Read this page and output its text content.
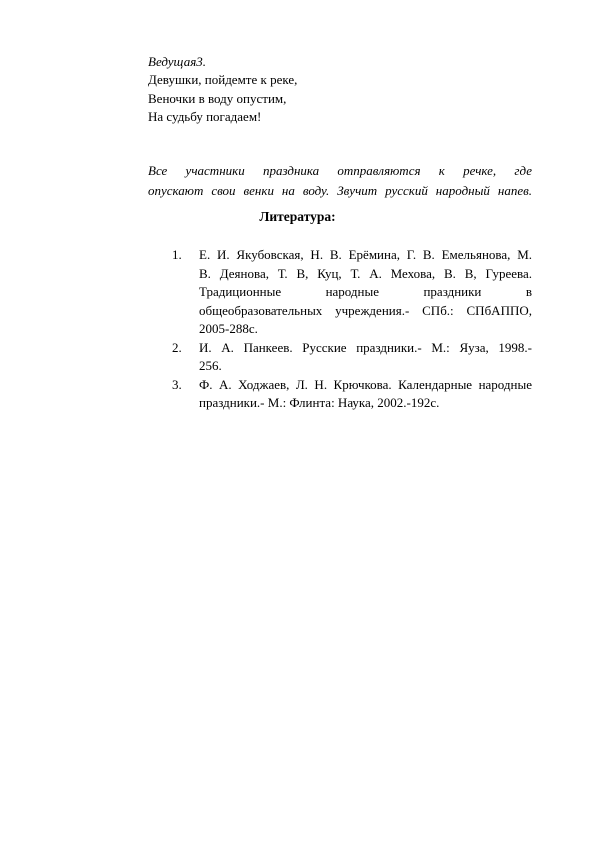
Ведущая3.

Девушки, пойдемте к реке,
Веночки в воду опустим,
На судьбу погадаем!

Все участники праздника отправляются к речке, где
опускают свои венки на воду. Звучит русский народный напев.

Литература:
1. Е. И. Якубовская, Н. В. Ерёмина, Г. В. Емельянова, М.
В. Деянова, Т. В, Куц, Т. А. Мехова, В. В, Гуреева.
Традиционные народные праздники в
общеобразовательных учреждения.- СПб.: СПбАППО,
2005-288с.
2. И. А. Панкеев. Русские праздники.- М.: Яуза, 1998.-
256.
3. Ф. А. Ходжаев, Л. Н. Крючкова. Календарные народные
праздники.- М.: Флинта: Наука, 2002.-192с.
